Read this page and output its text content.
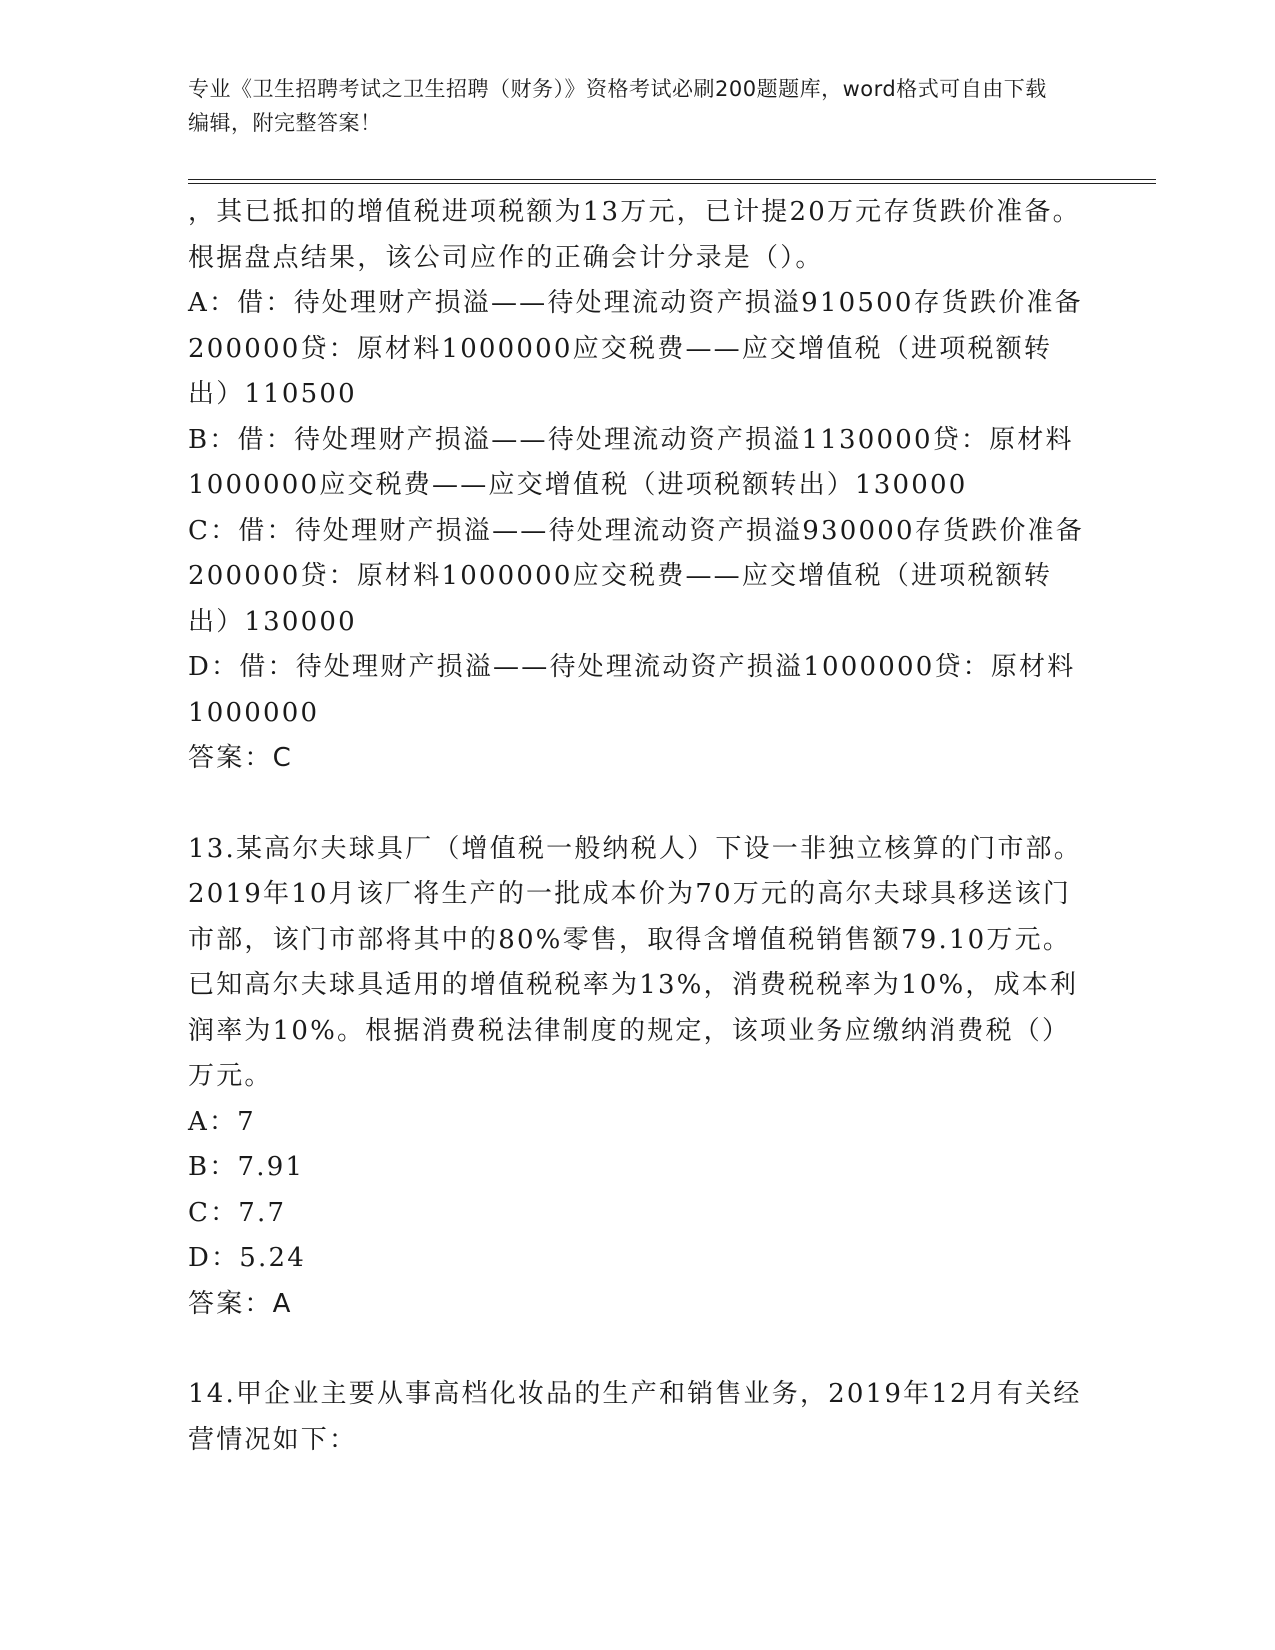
专业《卫生招聘考试之卫生招聘（财务）》资格考试必刷200题题库，word格式可自由下载编辑，附完整答案！

，其已抵扣的增值税进项税额为13万元，已计提20万元存货跌价准备。根据盘点结果，该公司应作的正确会计分录是（）。

A：借：待处理财产损溢——待处理流动资产损溢910500存货跌价准备200000贷：原材料1000000应交税费——应交增值税（进项税额转出）110500

B：借：待处理财产损溢——待处理流动资产损溢1130000贷：原材料1000000应交税费——应交增值税（进项税额转出）130000

C：借：待处理财产损溢——待处理流动资产损溢930000存货跌价准备200000贷：原材料1000000应交税费——应交增值税（进项税额转出）130000

D：借：待处理财产损溢——待处理流动资产损溢1000000贷：原材料1000000

答案：C

13.某高尔夫球具厂（增值税一般纳税人）下设一非独立核算的门市部。2019年10月该厂将生产的一批成本价为70万元的高尔夫球具移送该门市部，该门市部将其中的80%零售，取得含增值税销售额79.10万元。已知高尔夫球具适用的增值税税率为13%，消费税税率为10%，成本利润率为10%。根据消费税法律制度的规定，该项业务应缴纳消费税（）万元。

A：7

B：7.91

C：7.7

D：5.24

答案：A

14.甲企业主要从事高档化妆品的生产和销售业务，2019年12月有关经营情况如下：
